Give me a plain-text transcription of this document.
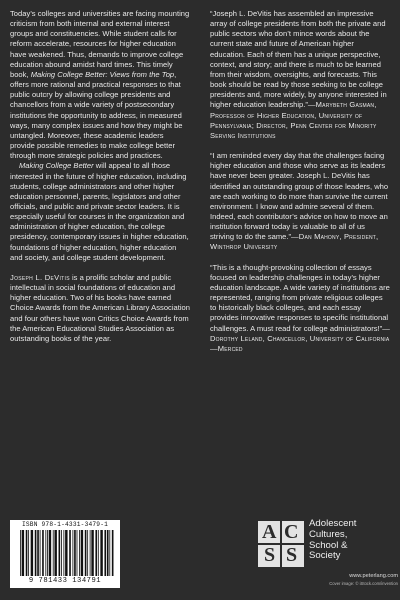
Today’s colleges and universities are facing mounting criticism from both internal and external interest groups and constituencies. While student calls for reform accelerate, resources for higher education have weakened. Thus, demands to improve college education abound amidst hard times. This timely book, Making College Better: Views from the Top, offers more rational and practical responses to that public outcry by allowing college presidents and chancellors from a wide variety of postsecondary institutions the opportunity to address, in measured ways, many complex issues and how they might be untangled. Moreover, these academic leaders provide possible remedies to make college better through more strategic policies and practices.

Making College Better will appeal to all those interested in the future of higher education, including students, college administrators and other higher education personnel, parents, legislators and other officials, and public and private sector leaders. It is especially useful for courses in the organization and administration of higher education, the college presidency, contemporary issues in higher education, foundations of higher education, higher education and society, and college student development.

Joseph L. DeVitis is a prolific scholar and public intellectual in social foundations of education and higher education. Two of his books have earned Choice Awards from the American Library Association and four others have won Critics Choice Awards from the American Educational Studies Association as outstanding books of the year.

“Joseph L. DeVitis has assembled an impressive array of college presidents from both the private and public sectors who don’t mince words about the current state and future of American higher education. Each of them has a unique perspective, context, and story; and there is much to be learned from their wisdom, oversights, and forecasts. This book should be read by those seeking to be college presidents and, more widely, by anyone interested in higher education leadership.”—Marybeth Gasman, Professor of Higher Education, University of Pennsylvania; Director, Penn Center for Minority Serving Institutions

“I am reminded every day that the challenges facing higher education and those who serve as its leaders have never been greater. Joseph L. DeVitis has identified an outstanding group of those leaders, who are each working to do more than survive the current environment. I know and admire several of them. Indeed, each contributor’s advice on how to move an institution forward today is valuable to all of us striving to do the same.”—Dan Mahony, President, Winthrop University

“This is a thought-provoking collection of essays focused on leadership challenges in today’s higher education landscape. A wide variety of institutions are represented, ranging from private religious colleges to historically black colleges, and each essay provides innovative responses to specific institutional challenges. A must read for college administrators!”—Dorothy Leland, Chancellor, University of California—Merced

ISBN 978-1-4331-3479-1
9 781433 134791
A C
S
S
Adolescent
Cultures,
School &
Society
www.peterlang.com
Cover image: © iStock.com/invention
